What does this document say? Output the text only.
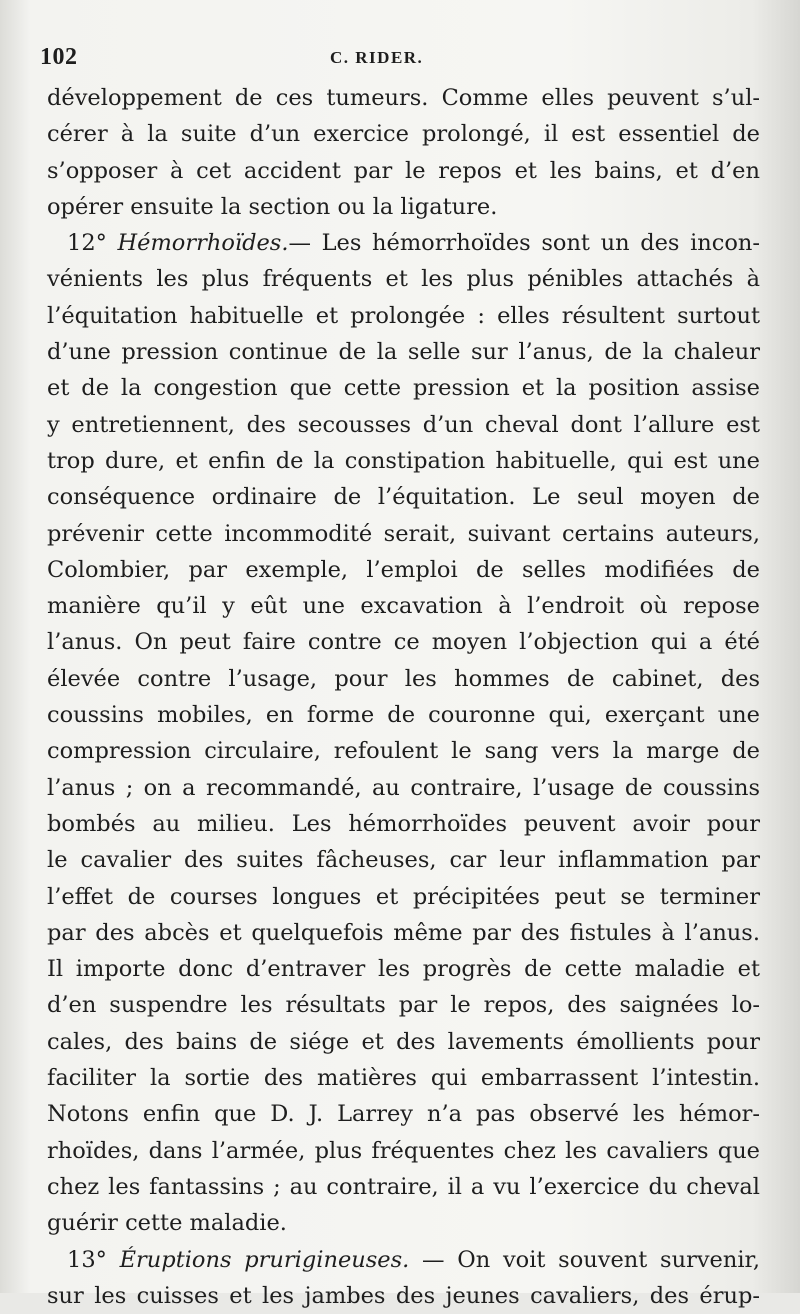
102	C. RIDER.
développement de ces tumeurs. Comme elles peuvent s’ul-
cérer à la suite d’un exercice prolongé, il est essentiel de
s’opposer à cet accident par le repos et les bains, et d’en
opérer ensuite la section ou la ligature.
12° Hémorrhoïdes.— Les hémorrhoïdes sont un des incon-
vénients les plus fréquents et les plus pénibles attachés à
l’équitation habituelle et prolongée : elles résultent surtout
d’une pression continue de la selle sur l’anus, de la chaleur
et de la congestion que cette pression et la position assise
y entretiennent, des secousses d’un cheval dont l’allure est
trop dure, et enfin de la constipation habituelle, qui est une
conséquence ordinaire de l’équitation. Le seul moyen de
prévenir cette incommodité serait, suivant certains auteurs,
Colombier, par exemple, l’emploi de selles modifiées de
manière qu’il y eût une excavation à l’endroit où repose
l’anus. On peut faire contre ce moyen l’objection qui a été
élevée contre l’usage, pour les hommes de cabinet, des
coussins mobiles, en forme de couronne qui, exerçant une
compression circulaire, refoulent le sang vers la marge de
l’anus ; on a recommandé, au contraire, l’usage de coussins
bombés au milieu. Les hémorrhoïdes peuvent avoir pour
le cavalier des suites fâcheuses, car leur inflammation par
l’effet de courses longues et précipitées peut se terminer
par des abcès et quelquefois même par des fistules à l’anus.
Il importe donc d’entraver les progrès de cette maladie et
d’en suspendre les résultats par le repos, des saignées lo-
cales, des bains de siége et des lavements émollients pour
faciliter la sortie des matières qui embarrassent l’intestin.
Notons enfin que D. J. Larrey n’a pas observé les hémor-
rhoïdes, dans l’armée, plus fréquentes chez les cavaliers que
chez les fantassins ; au contraire, il a vu l’exercice du cheval
guérir cette maladie.
13° Éruptions prurigineuses. — On voit souvent survenir,
sur les cuisses et les jambes des jeunes cavaliers, des érup-
